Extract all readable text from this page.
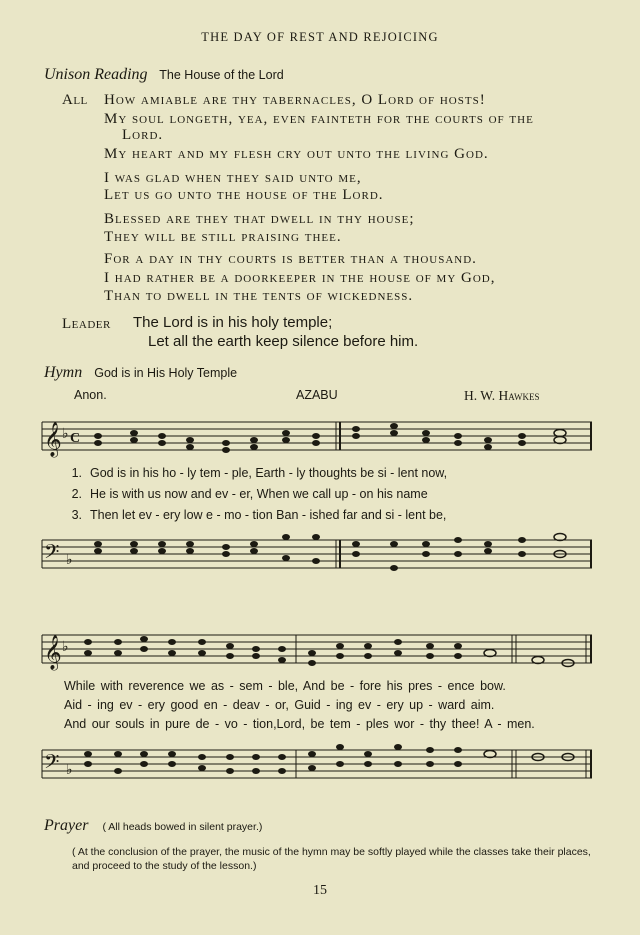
THE DAY OF REST AND REJOICING
Unison Reading The House of the Lord
All How amiable are thy tabernacles, O Lord of hosts!
My soul longeth, yea, even fainteth for the courts of the
Lord.
My heart and my flesh cry out unto the living God.
I was glad when they said unto me,
Let us go unto the house of the Lord.
Blessed are they that dwell in thy house;
They will be still praising thee.
For a day in thy courts is better than a thousand.
I had rather be a doorkeeper in the house of my God,
Than to dwell in the tents of wickedness.
Leader The Lord is in his holy temple;
Let all the earth keep silence before him.
Hymn God is in His Holy Temple
Anon.	AZABU	H. W. Hawkes
𝄞 ♭ C
1. God is in his ho - ly tem - ple, Earth - ly thoughts be si - lent now,
2. He is with us now and ev - er, When we call up - on his name
3. Then let ev - ery low e - mo - tion Ban - ished far and si - lent be,
𝄢 ♭
𝄞 ♭
While with reverence we as - sem - ble, And be - fore his pres - ence bow.
Aid - ing ev - ery good en - deav - or, Guid - ing ev - ery up - ward aim.
And our souls in pure de - vo - tion,Lord, be tem - ples wor - thy thee! A - men.
𝄢 ♭
Prayer ( All heads bowed in silent prayer.)
( At the conclusion of the prayer, the music of the hymn may be softly played while the classes take their places, and proceed to the study of the lesson.)
15
